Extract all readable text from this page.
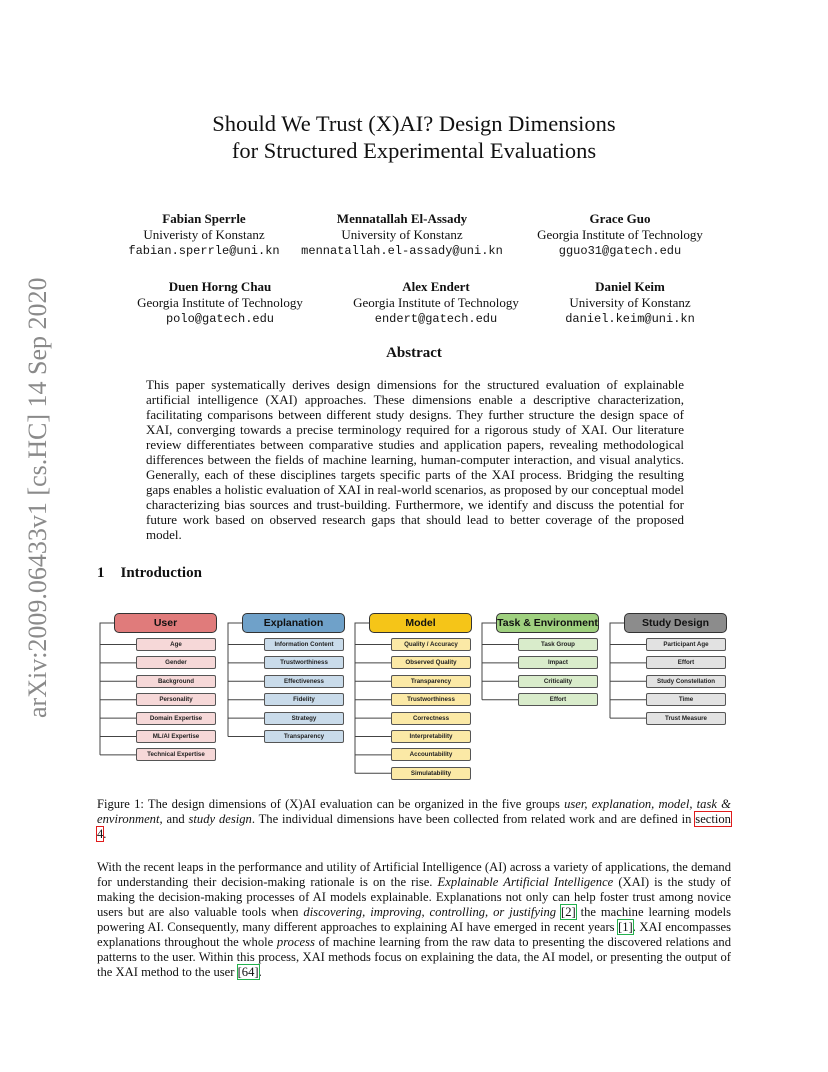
Should We Trust (X)AI? Design Dimensions
for Structured Experimental Evaluations
Fabian Sperrle
Univeristy of Konstanz
fabian.sperrle@uni.kn
Mennatallah El-Assady
University of Konstanz
mennatallah.el-assady@uni.kn
Grace Guo
Georgia Institute of Technology
gguo31@gatech.edu
Duen Horng Chau
Georgia Institute of Technology
polo@gatech.edu
Alex Endert
Georgia Institute of Technology
endert@gatech.edu
Daniel Keim
University of Konstanz
daniel.keim@uni.kn
arXiv:2009.06433v1 [cs.HC] 14 Sep 2020	Abstract
This paper systematically derives design dimensions for the structured evaluation of explainable artificial intelligence (XAI) approaches. These dimensions enable a descriptive characterization, facilitating comparisons between different study designs. They further structure the design space of XAI, converging towards a precise terminology required for a rigorous study of XAI. Our literature review differentiates between comparative studies and application papers, revealing methodological differences between the fields of machine learning, human-computer interaction, and visual analytics. Generally, each of these disciplines targets specific parts of the XAI process. Bridging the resulting gaps enables a holistic evaluation of XAI in real-world scenarios, as proposed by our conceptual model characterizing bias sources and trust-building. Furthermore, we identify and discuss the potential for future work based on observed research gaps that should lead to better coverage of the proposed model.
1 Introduction
User
Age
Gender
Background
Personality
Domain Expertise
ML/AI Expertise
Technical Expertise
Explanation
Information Content
Trustworthiness
Effectiveness
Fidelity
Strategy
Transparency
Model
Quality / Accuracy
Observed Quality
Transparency
Trustworthiness
Correctness
Interpretability
Accountability
Simulatability
Task & Environment
Task Group
Impact
Criticality
Effort
Study Design
Participant Age
Effort
Study Constellation
Time
Trust Measure
Figure 1: The design dimensions of (X)AI evaluation can be organized in the five groups user, explanation, model, task & environment, and study design. The individual dimensions have been collected from related work and are defined in section 4.
With the recent leaps in the performance and utility of Artificial Intelligence (AI) across a variety of applications, the demand for understanding their decision-making rationale is on the rise. Explainable Artificial Intelligence (XAI) is the study of making the decision-making processes of AI models explainable. Explanations not only can help foster trust among novice users but are also valuable tools when discovering, improving, controlling, or justifying [2] the machine learning models powering AI. Consequently, many different approaches to explaining AI have emerged in recent years [1]. XAI encompasses explanations throughout the whole process of machine learning from the raw data to presenting the discovered relations and patterns to the user. Within this process, XAI methods focus on explaining the data, the AI model, or presenting the output of the XAI method to the user [64].
